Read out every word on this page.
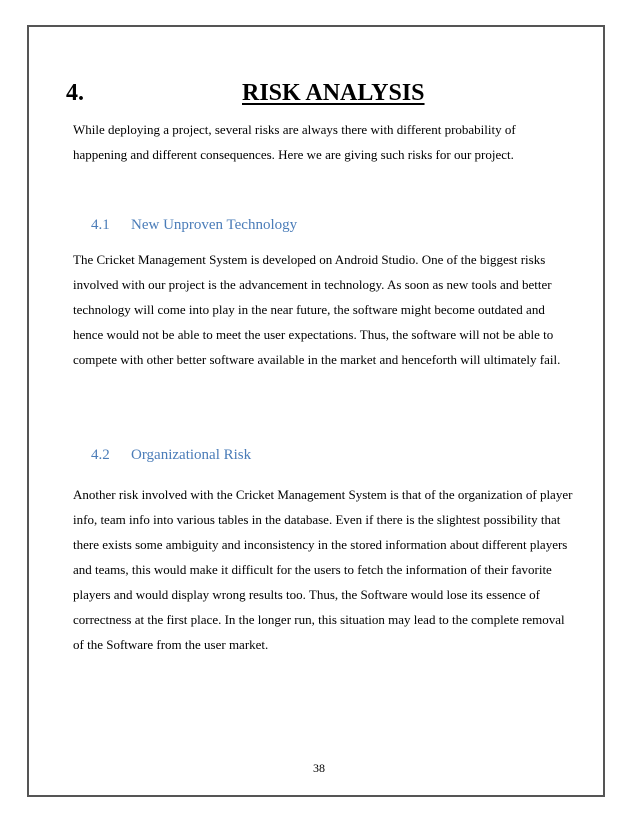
4.	RISK ANALYSIS

While deploying a project, several risks are always there with different probability of happening and different consequences. Here we are giving such risks for our project.

4.1 New Unproven Technology

The Cricket Management System is developed on Android Studio. One of the biggest risks involved with our project is the advancement in technology. As soon as new tools and better technology will come into play in the near future, the software might become outdated and hence would not be able to meet the user expectations. Thus, the software will not be able to compete with other better software available in the market and henceforth will ultimately fail.

4.2 Organizational Risk

Another risk involved with the Cricket Management System is that of the organization of player info, team info into various tables in the database. Even if there is the slightest possibility that there exists some ambiguity and inconsistency in the stored information about different players and teams, this would make it difficult for the users to fetch the information of their favorite players and would display wrong results too. Thus, the Software would lose its essence of correctness at the first place. In the longer run, this situation may lead to the complete removal of the Software from the user market.

38
